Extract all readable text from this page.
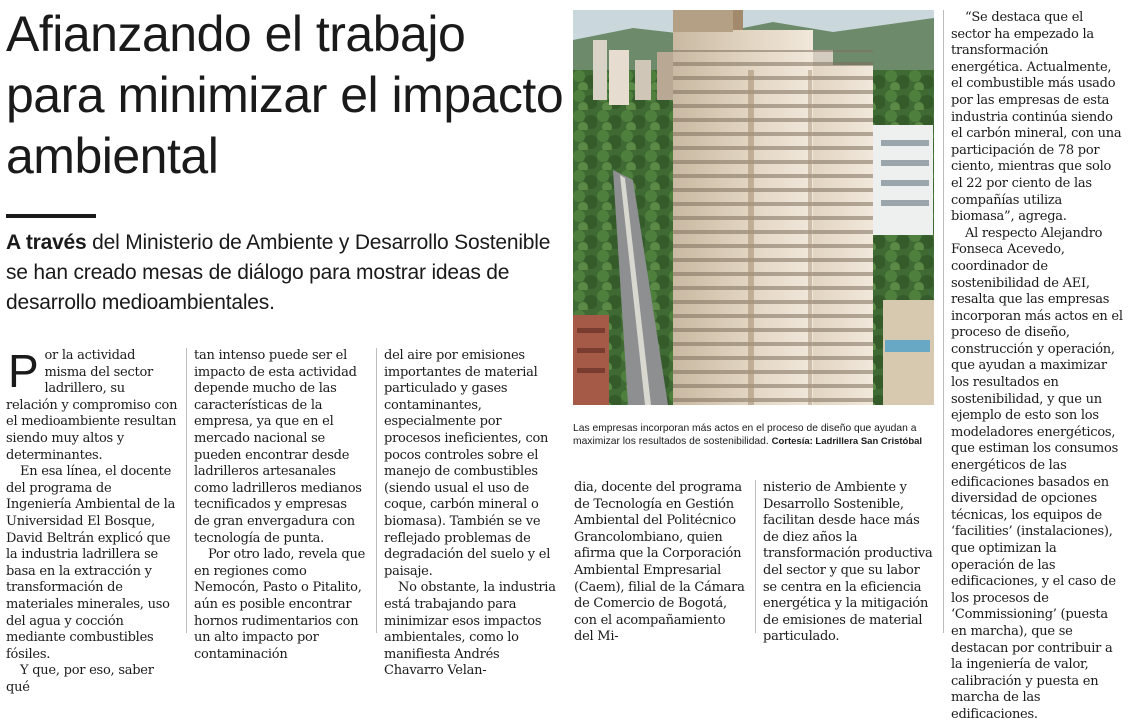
Afianzando el trabajo para minimizar el impacto ambiental

A través del Ministerio de Ambiente y Desarrollo Sostenible se han creado mesas de diálogo para mostrar ideas de desarrollo medioambientales.

Por la actividad misma del sector ladrillero, su relación y compromiso con el medioambiente resultan siendo muy altos y determinantes.

En esa línea, el docente del programa de Ingeniería Ambiental de la Universidad El Bosque, David Beltrán explicó que la industria ladrillera se basa en la extracción y transformación de materiales minerales, uso del agua y cocción mediante combustibles fósiles.

Y que, por eso, saber qué

tan intenso puede ser el impacto de esta actividad depende mucho de las características de la empresa, ya que en el mercado nacional se pueden encontrar desde ladrilleros artesanales como ladrilleros medianos tecnificados y empresas de gran envergadura con tecnología de punta.

Por otro lado, revela que en regiones como Nemocón, Pasto o Pitalito, aún es posible encontrar hornos rudimentarios con un alto impacto por contaminación

del aire por emisiones importantes de material particulado y gases contaminantes, especialmente por procesos ineficientes, con pocos controles sobre el manejo de combustibles (siendo usual el uso de coque, carbón mineral o biomasa). También se ve reflejado problemas de degradación del suelo y el paisaje.

No obstante, la industria está trabajando para minimizar esos impactos ambientales, como lo manifiesta Andrés Chavarro Velan-

Las empresas incorporan más actos en el proceso de diseño que ayudan a maximizar los resultados de sostenibilidad. Cortesía: Ladrillera San Cristóbal

dia, docente del programa de Tecnología en Gestión Ambiental del Politécnico Grancolombiano, quien afirma que la Corporación Ambiental Empresarial (Caem), filial de la Cámara de Comercio de Bogotá, con el acompañamiento del Mi-

nisterio de Ambiente y Desarrollo Sostenible, facilitan desde hace más de diez años la transformación productiva del sector y que su labor se centra en la eficiencia energética y la mitigación de emisiones de material particulado.

“Se destaca que el sector ha empezado la transformación energética. Actualmente, el combustible más usado por las empresas de esta industria continúa siendo el carbón mineral, con una participación de 78 por ciento, mientras que solo el 22 por ciento de las compañías utiliza biomasa”, agrega.

Al respecto Alejandro Fonseca Acevedo, coordinador de sostenibilidad de AEI, resalta que las empresas incorporan más actos en el proceso de diseño, construcción y operación, que ayudan a maximizar los resultados en sostenibilidad, y que un ejemplo de esto son los modeladores energéticos, que estiman los consumos energéticos de las edificaciones basados en diversidad de opciones técnicas, los equipos de ‘facilities’ (instalaciones), que optimizan la operación de las edificaciones, y el caso de los procesos de ‘Commissioning’ (puesta en marcha), que se destacan por contribuir a la ingeniería de valor, calibración y puesta en marcha de las edificaciones.
